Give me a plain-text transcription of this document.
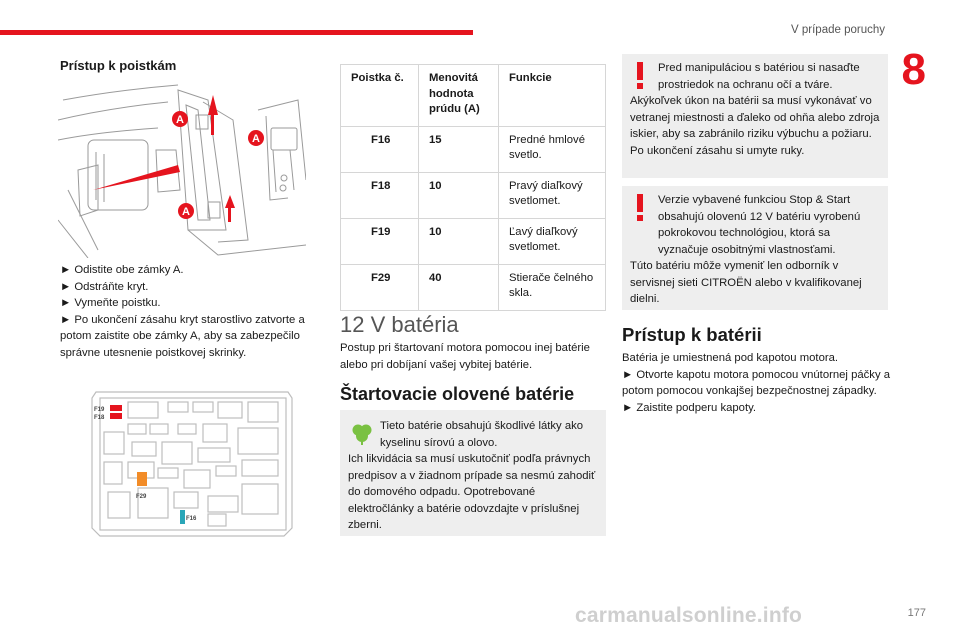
V prípade poruchy
8
Prístup k poistkám
A
A
A

► Odistite obe zámky A.

► Odstráňte kryt.

► Vymeňte poistku.

► Po ukončení zásahu kryt starostlivo zatvorte a potom zaistite obe zámky A, aby sa zabezpečilo správne utesnenie poistkovej skrinky.

F19
F18
F29
F16
Poistka č.	Menovitá hodnota prúdu (A)	Funkcie
F16	15	Predné hmlové svetlo.
F18	10	Pravý diaľkový svetlomet.
F19	10	Ľavý diaľkový svetlomet.
F29	40	Stierače čelného skla.
12 V batéria
Postup pri štartovaní motora pomocou inej batérie alebo pri dobíjaní vašej vybitej batérie.
Štartovacie olovené batérie

Tieto batérie obsahujú škodlivé látky ako kyselinu sírovú a olovo.

Ich likvidácia sa musí uskutočniť podľa právnych predpisov a v žiadnom prípade sa nesmú zahodiť do domového odpadu. Opotrebované elektročlánky a batérie odovzdajte v príslušnej zberni.

Pred manipuláciou s batériou si nasaďte prostriedok na ochranu očí a tváre.

Akýkoľvek úkon na batérii sa musí vykonávať vo vetranej miestnosti a ďaleko od ohňa alebo zdroja iskier, aby sa zabránilo riziku výbuchu a požiaru.

Po ukončení zásahu si umyte ruky.

Verzie vybavené funkciou Stop & Start obsahujú olovenú 12 V batériu vyrobenú pokrokovou technológiou, ktorá sa vyznačuje osobitnými vlastnosťami.

Túto batériu môže vymeniť len odborník v servisnej sieti CITROËN alebo v kvalifikovanej dielni.

Prístup k batérii

Batéria je umiestnená pod kapotou motora.

► Otvorte kapotu motora pomocou vnútornej páčky a potom pomocou vonkajšej bezpečnostnej západky.

► Zaistite podperu kapoty.

carmanualsonline.info	177
